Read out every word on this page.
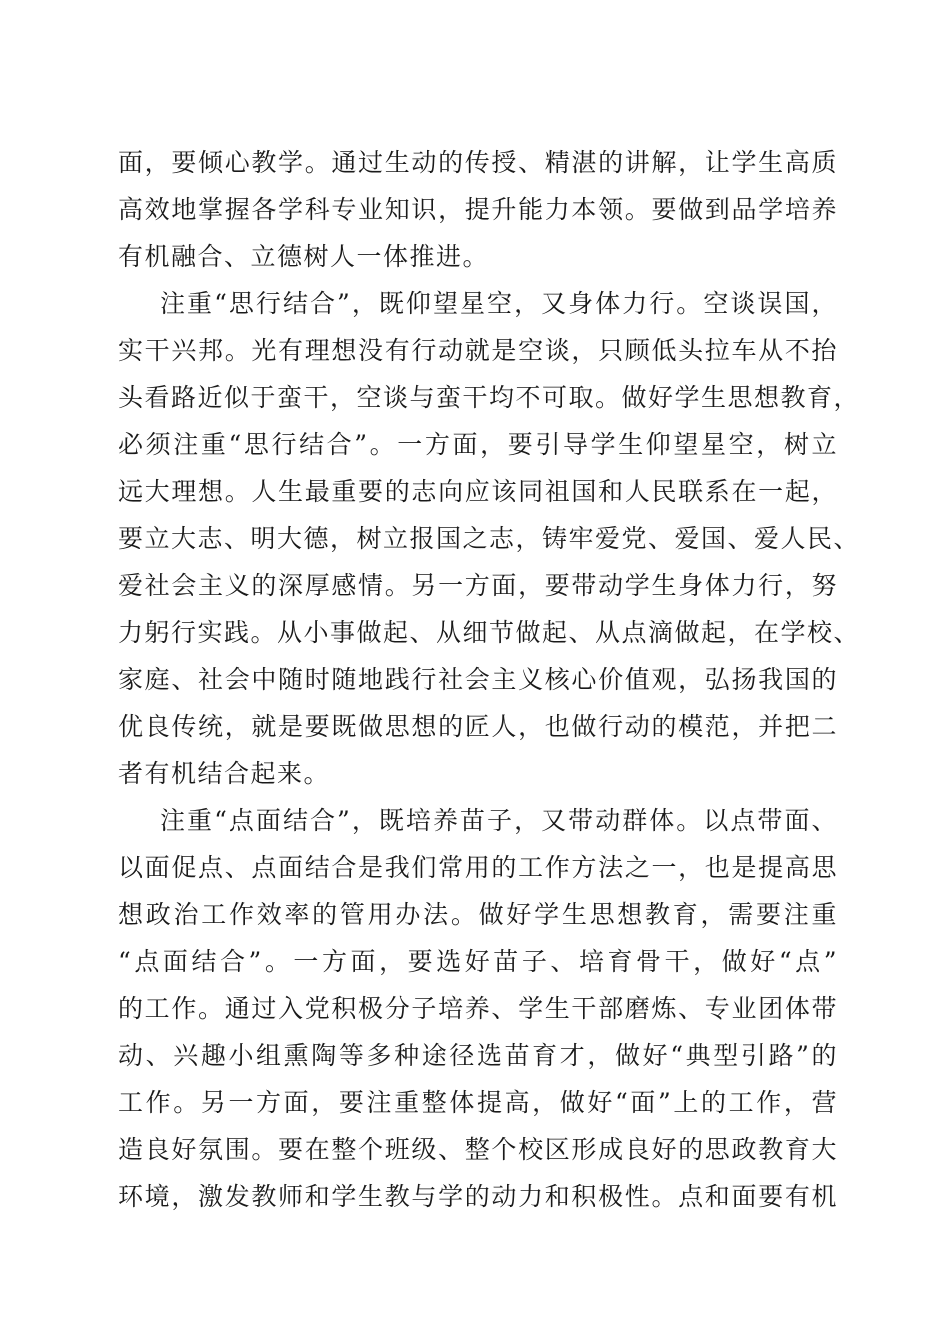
面，要倾心教学。通过生动的传授、精湛的讲解，让学生高质
高效地掌握各学科专业知识，提升能力本领。要做到品学培养
有机融合、立德树人一体推进。
注重“思行结合”，既仰望星空，又身体力行。空谈误国，
实干兴邦。光有理想没有行动就是空谈，只顾低头拉车从不抬
头看路近似于蛮干，空谈与蛮干均不可取。做好学生思想教育，
必须注重“思行结合”。一方面，要引导学生仰望星空，树立
远大理想。人生最重要的志向应该同祖国和人民联系在一起，
要立大志、明大德，树立报国之志，铸牢爱党、爱国、爱人民、
爱社会主义的深厚感情。另一方面，要带动学生身体力行，努
力躬行实践。从小事做起、从细节做起、从点滴做起，在学校、
家庭、社会中随时随地践行社会主义核心价值观，弘扬我国的
优良传统，就是要既做思想的匠人，也做行动的模范，并把二
者有机结合起来。
注重“点面结合”，既培养苗子，又带动群体。以点带面、
以面促点、点面结合是我们常用的工作方法之一，也是提高思
想政治工作效率的管用办法。做好学生思想教育，需要注重
“点面结合”。一方面，要选好苗子、培育骨干，做好“点”
的工作。通过入党积极分子培养、学生干部磨炼、专业团体带
动、兴趣小组熏陶等多种途径选苗育才，做好“典型引路”的
工作。另一方面，要注重整体提高，做好“面”上的工作，营
造良好氛围。要在整个班级、整个校区形成良好的思政教育大
环境，激发教师和学生教与学的动力和积极性。点和面要有机
